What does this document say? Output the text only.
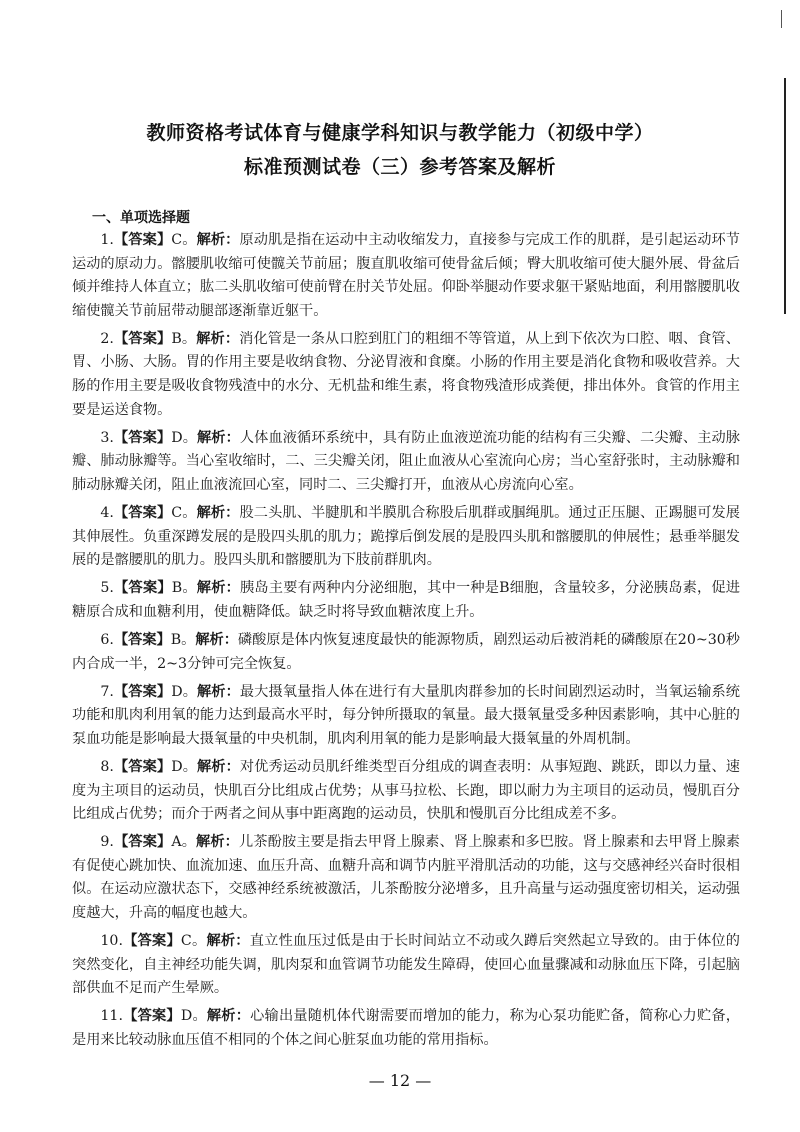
教师资格考试体育与健康学科知识与教学能力（初级中学）
标准预测试卷（三）参考答案及解析
一、单项选择题

1.【答案】C。解析：原动肌是指在运动中主动收缩发力，直接参与完成工作的肌群，是引起运动环节运动的原动力。髂腰肌收缩可使髋关节前屈；腹直肌收缩可使骨盆后倾；臀大肌收缩可使大腿外展、骨盆后倾并维持人体直立；肱二头肌收缩可使前臂在肘关节处屈。仰卧举腿动作要求躯干紧贴地面，利用髂腰肌收缩使髋关节前屈带动腿部逐渐靠近躯干。

2.【答案】B。解析：消化管是一条从口腔到肛门的粗细不等管道，从上到下依次为口腔、咽、食管、胃、小肠、大肠。胃的作用主要是收纳食物、分泌胃液和食糜。小肠的作用主要是消化食物和吸收营养。大肠的作用主要是吸收食物残渣中的水分、无机盐和维生素，将食物残渣形成粪便，排出体外。食管的作用主要是运送食物。

3.【答案】D。解析：人体血液循环系统中，具有防止血液逆流功能的结构有三尖瓣、二尖瓣、主动脉瓣、肺动脉瓣等。当心室收缩时，二、三尖瓣关闭，阻止血液从心室流向心房；当心室舒张时，主动脉瓣和肺动脉瓣关闭，阻止血液流回心室，同时二、三尖瓣打开，血液从心房流向心室。

4.【答案】C。解析：股二头肌、半腱肌和半膜肌合称股后肌群或腘绳肌。通过正压腿、正踢腿可发展其伸展性。负重深蹲发展的是股四头肌的肌力；跪撑后倒发展的是股四头肌和髂腰肌的伸展性；悬垂举腿发展的是髂腰肌的肌力。股四头肌和髂腰肌为下肢前群肌肉。

5.【答案】B。解析：胰岛主要有两种内分泌细胞，其中一种是B细胞，含量较多，分泌胰岛素，促进糖原合成和血糖利用，使血糖降低。缺乏时将导致血糖浓度上升。

6.【答案】B。解析：磷酸原是体内恢复速度最快的能源物质，剧烈运动后被消耗的磷酸原在20~30秒内合成一半，2~3分钟可完全恢复。

7.【答案】D。解析：最大摄氧量指人体在进行有大量肌肉群参加的长时间剧烈运动时，当氧运输系统功能和肌肉利用氧的能力达到最高水平时，每分钟所摄取的氧量。最大摄氧量受多种因素影响，其中心脏的泵血功能是影响最大摄氧量的中央机制，肌肉利用氧的能力是影响最大摄氧量的外周机制。

8.【答案】D。解析：对优秀运动员肌纤维类型百分组成的调查表明：从事短跑、跳跃，即以力量、速度为主项目的运动员，快肌百分比组成占优势；从事马拉松、长跑，即以耐力为主项目的运动员，慢肌百分比组成占优势；而介于两者之间从事中距离跑的运动员，快肌和慢肌百分比组成差不多。

9.【答案】A。解析：儿茶酚胺主要是指去甲肾上腺素、肾上腺素和多巴胺。肾上腺素和去甲肾上腺素有促使心跳加快、血流加速、血压升高、血糖升高和调节内脏平滑肌活动的功能，这与交感神经兴奋时很相似。在运动应激状态下，交感神经系统被激活，儿茶酚胺分泌增多，且升高量与运动强度密切相关，运动强度越大，升高的幅度也越大。

10.【答案】C。解析：直立性血压过低是由于长时间站立不动或久蹲后突然起立导致的。由于体位的突然变化，自主神经功能失调，肌肉泵和血管调节功能发生障碍，使回心血量骤减和动脉血压下降，引起脑部供血不足而产生晕厥。

11.【答案】D。解析：心输出量随机体代谢需要而增加的能力，称为心泵功能贮备，简称心力贮备，是用来比较动脉血压值不相同的个体之间心脏泵血功能的常用指标。

— 12 —
